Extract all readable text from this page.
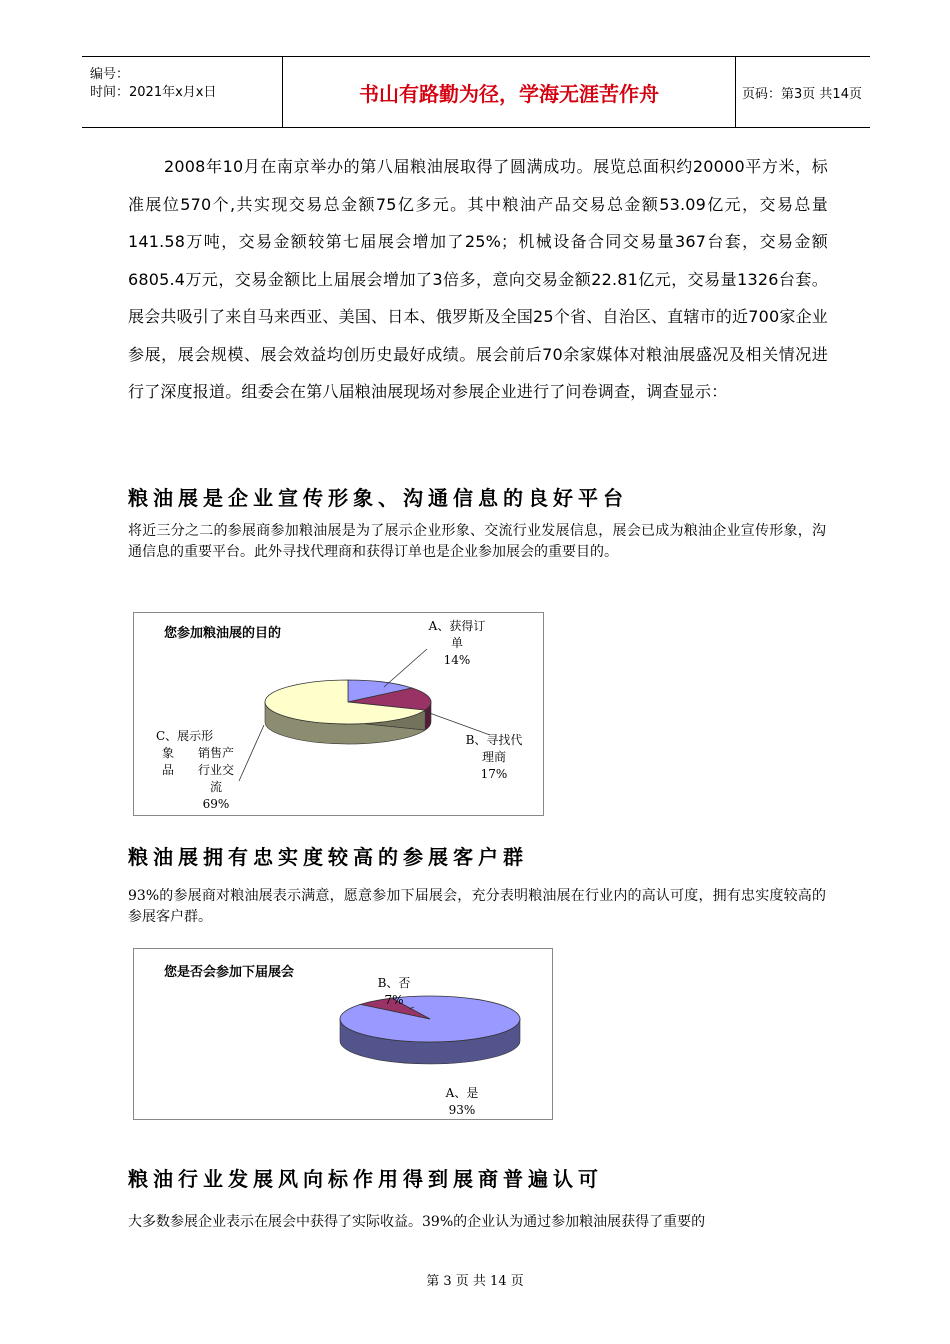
编号：
时间：2021年x月x日	书山有路勤为径，学海无涯苦作舟	页码：第3页 共14页

2008年10月在南京举办的第八届粮油展取得了圆满成功。展览总面积约20000平方米，标准展位570个,共实现交易总金额75亿多元。其中粮油产品交易总金额53.09亿元，交易总量141.58万吨，交易金额较第七届展会增加了25%；机械设备合同交易量367台套，交易金额6805.4万元，交易金额比上届展会增加了3倍多，意向交易金额22.81亿元，交易量1326台套。展会共吸引了来自马来西亚、美国、日本、俄罗斯及全国25个省、自治区、直辖市的近700家企业参展，展会规模、展会效益均创历史最好成绩。展会前后70余家媒体对粮油展盛况及相关情况进行了深度报道。组委会在第八届粮油展现场对参展企业进行了问卷调查，调查显示：

粮油展是企业宣传形象、沟通信息的良好平台

将近三分之二的参展商参加粮油展是为了展示企业形象、交流行业发展信息，展会已成为粮油企业宣传形象，沟通信息的重要平台。此外寻找代理商和获得订单也是企业参加展会的重要目的。

您参加粮油展的目的	A、获得订
单
14%
B、寻找代
理商
17%
C、展示形
象
品
销售产
行业交
流
69%
粮油展拥有忠实度较高的参展客户群

93%的参展商对粮油展表示满意，愿意参加下届展会，充分表明粮油展在行业内的高认可度，拥有忠实度较高的参展客户群。

您是否会参加下届展会
B、否
7%
A、是
93%
粮油行业发展风向标作用得到展商普遍认可

大多数参展企业表示在展会中获得了实际收益。39%的企业认为通过参加粮油展获得了重要的

第 3 页 共 14 页
